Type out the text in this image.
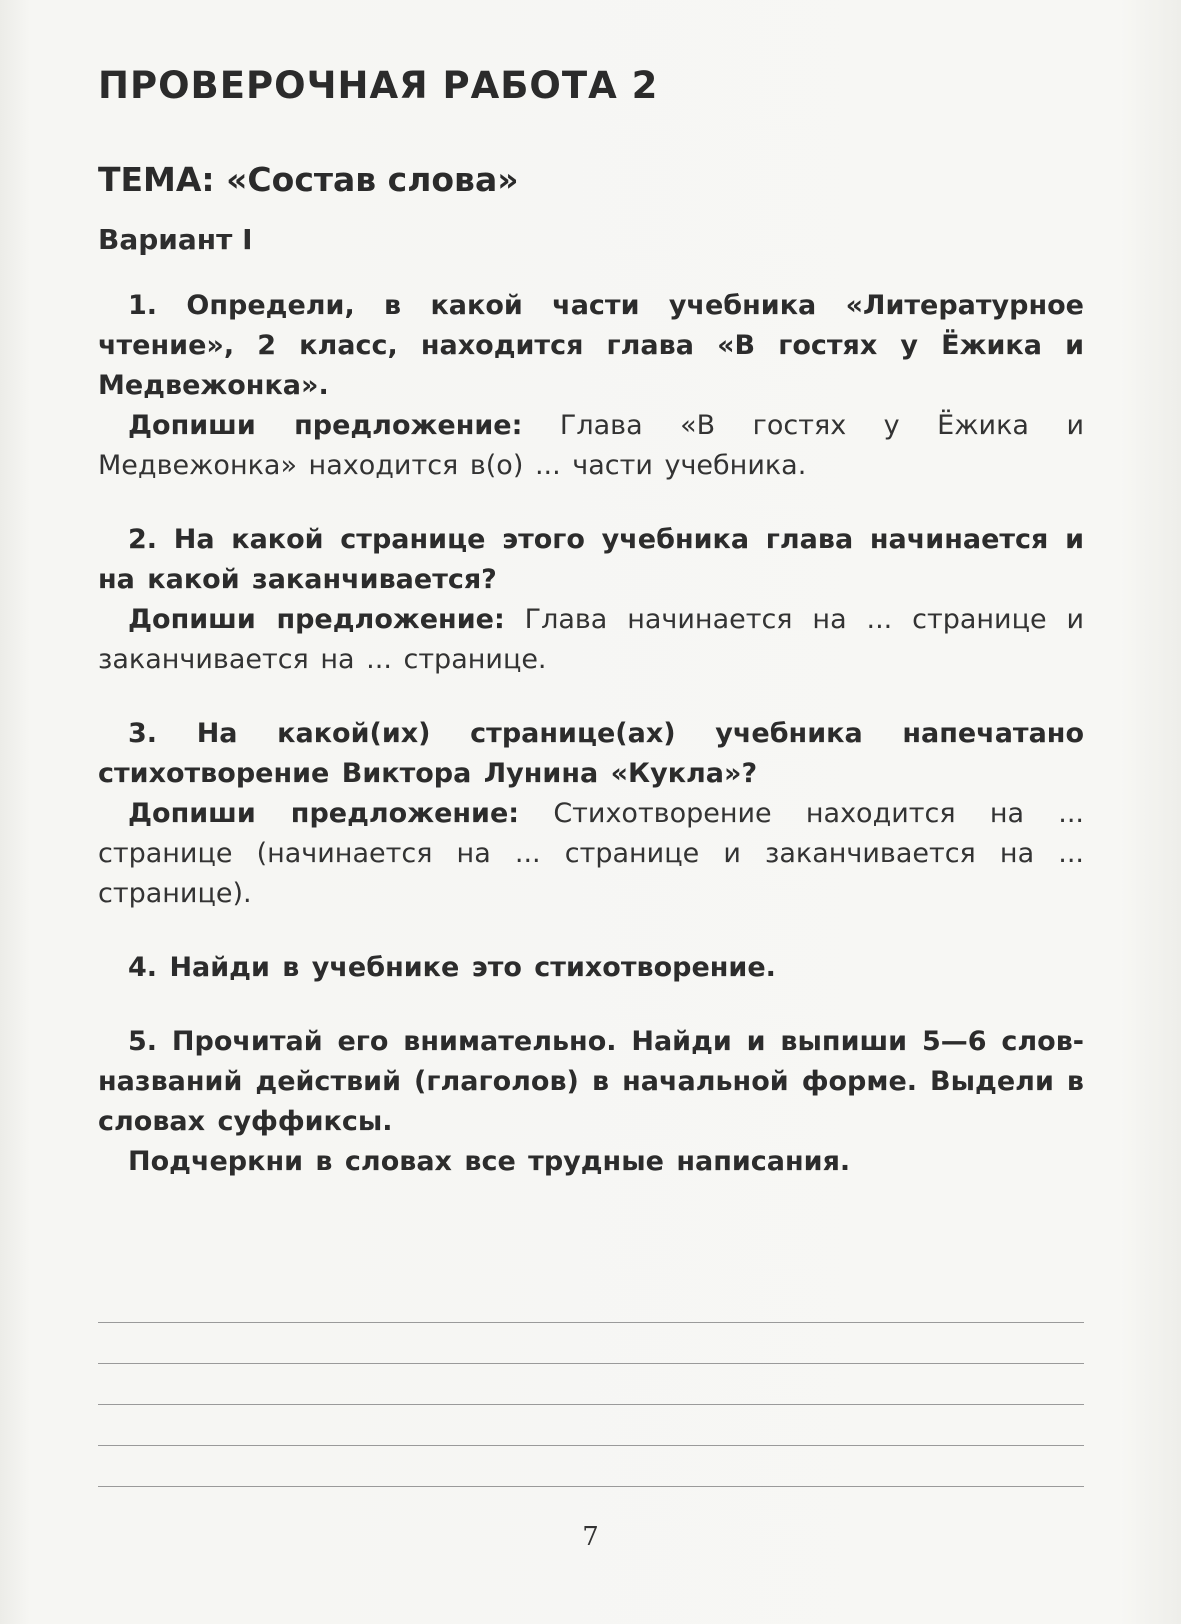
ПРОВЕРОЧНАЯ РАБОТА 2
ТЕМА: «Состав слова»
Вариант I
1. Определи, в какой части учебника «Литературное чтение», 2 класс, находится глава «В гостях у Ёжика и Медвежонка».
Допиши предложение: Глава «В гостях у Ёжика и Медвежонка» находится в(о) ... части учебника.
2. На какой странице этого учебника глава начинается и на какой заканчивается?
Допиши предложение: Глава начинается на ... странице и заканчивается на ... странице.
3. На какой(их) странице(ах) учебника напечатано стихотворение Виктора Лунина «Кукла»?
Допиши предложение: Стихотворение находится на ... странице (начинается на ... странице и заканчивается на ... странице).
4. Найди в учебнике это стихотворение.
5. Прочитай его внимательно. Найди и выпиши 5—6 слов-названий действий (глаголов) в начальной форме. Выдели в словах суффиксы.
Подчеркни в словах все трудные написания.
7
